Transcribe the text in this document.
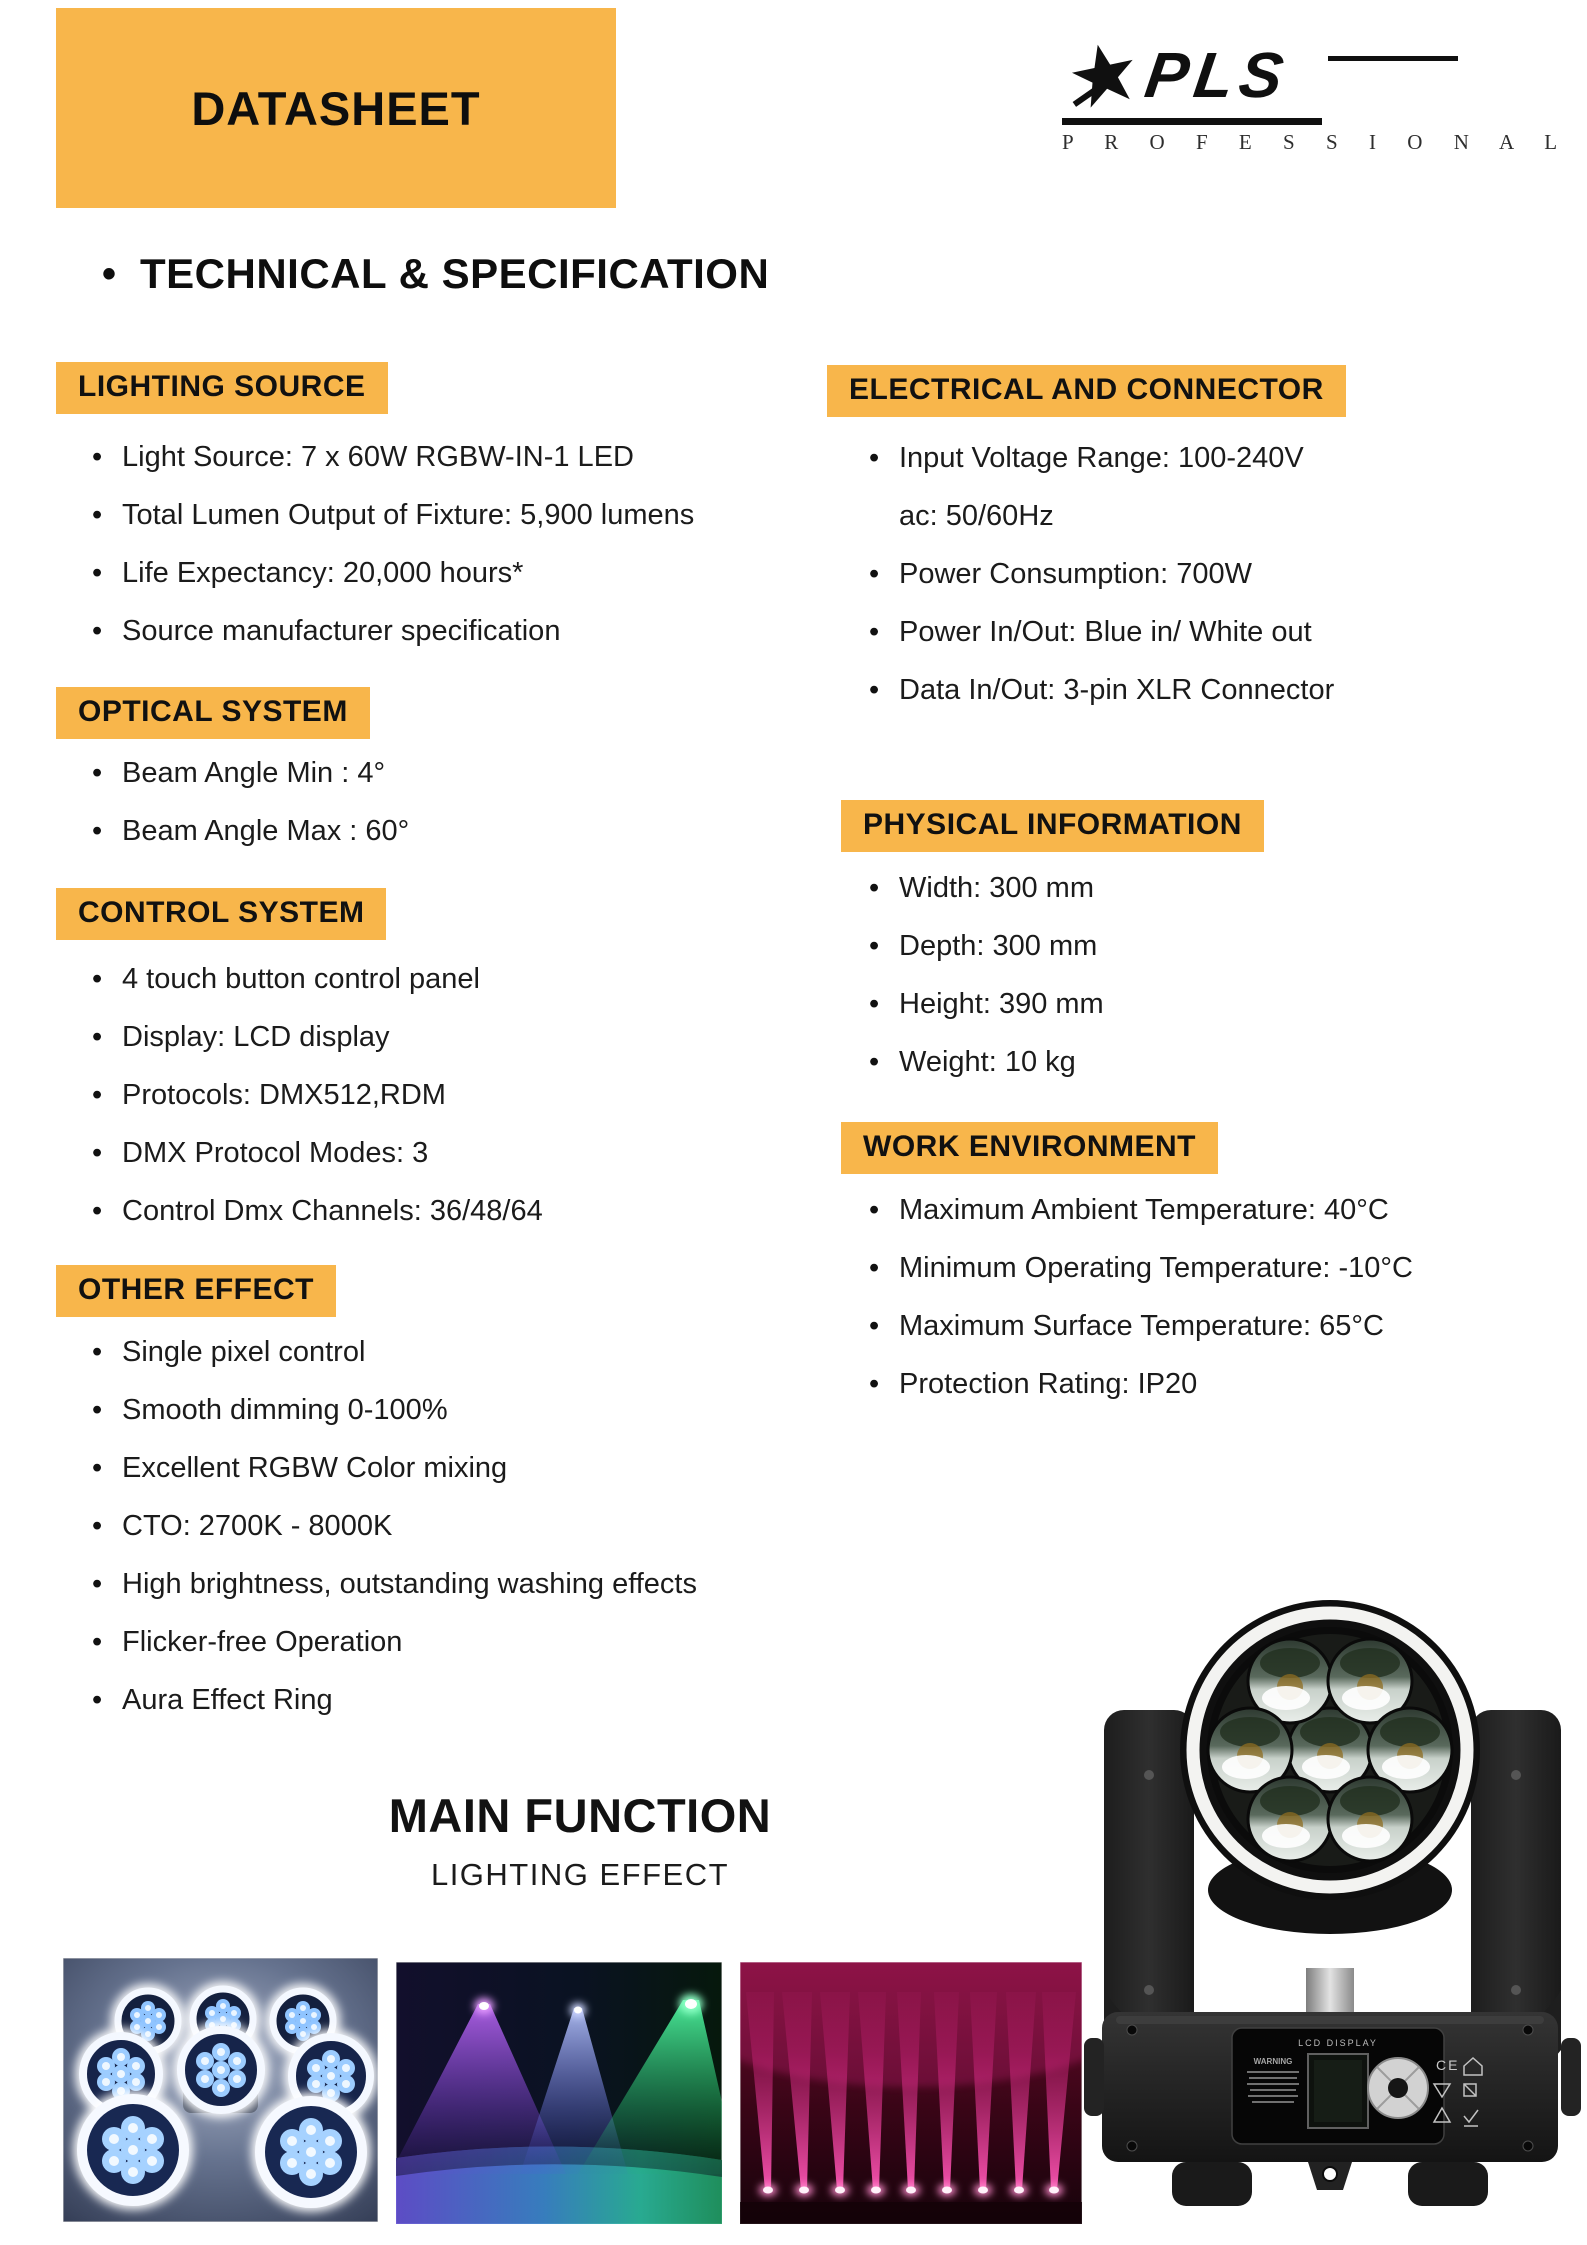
DATASHEET	PLS
P R O F E S S I O N A L
• TECHNICAL & SPECIFICATION
LIGHTING SOURCE
• Light Source: 7 x 60W RGBW-IN-1 LED
• Total Lumen Output of Fixture: 5,900 lumens
• Life Expectancy: 20,000 hours*
• Source manufacturer specification
OPTICAL SYSTEM
• Beam Angle Min : 4°
• Beam Angle Max : 60°
CONTROL SYSTEM
• 4 touch button control panel
• Display: LCD display
• Protocols: DMX512,RDM
• DMX Protocol Modes: 3
• Control Dmx Channels: 36/48/64
OTHER EFFECT
• Single pixel control
• Smooth dimming 0-100%
• Excellent RGBW Color mixing
• CTO: 2700K - 8000K
• High brightness, outstanding washing effects
• Flicker-free Operation
• Aura Effect Ring
ELECTRICAL AND CONNECTOR
• Input Voltage Range: 100-240V ac: 50/60Hz
• Power Consumption: 700W
• Power In/Out: Blue in/ White out
• Data In/Out: 3-pin XLR Connector
PHYSICAL INFORMATION
• Width: 300 mm
• Depth: 300 mm
• Height: 390 mm
• Weight: 10 kg
WORK ENVIRONMENT
• Maximum Ambient Temperature: 40°C
• Minimum Operating Temperature: -10°C
• Maximum Surface Temperature: 65°C
• Protection Rating: IP20
MAIN FUNCTION
LIGHTING EFFECT
LCD DISPLAY
WARNING	CE
